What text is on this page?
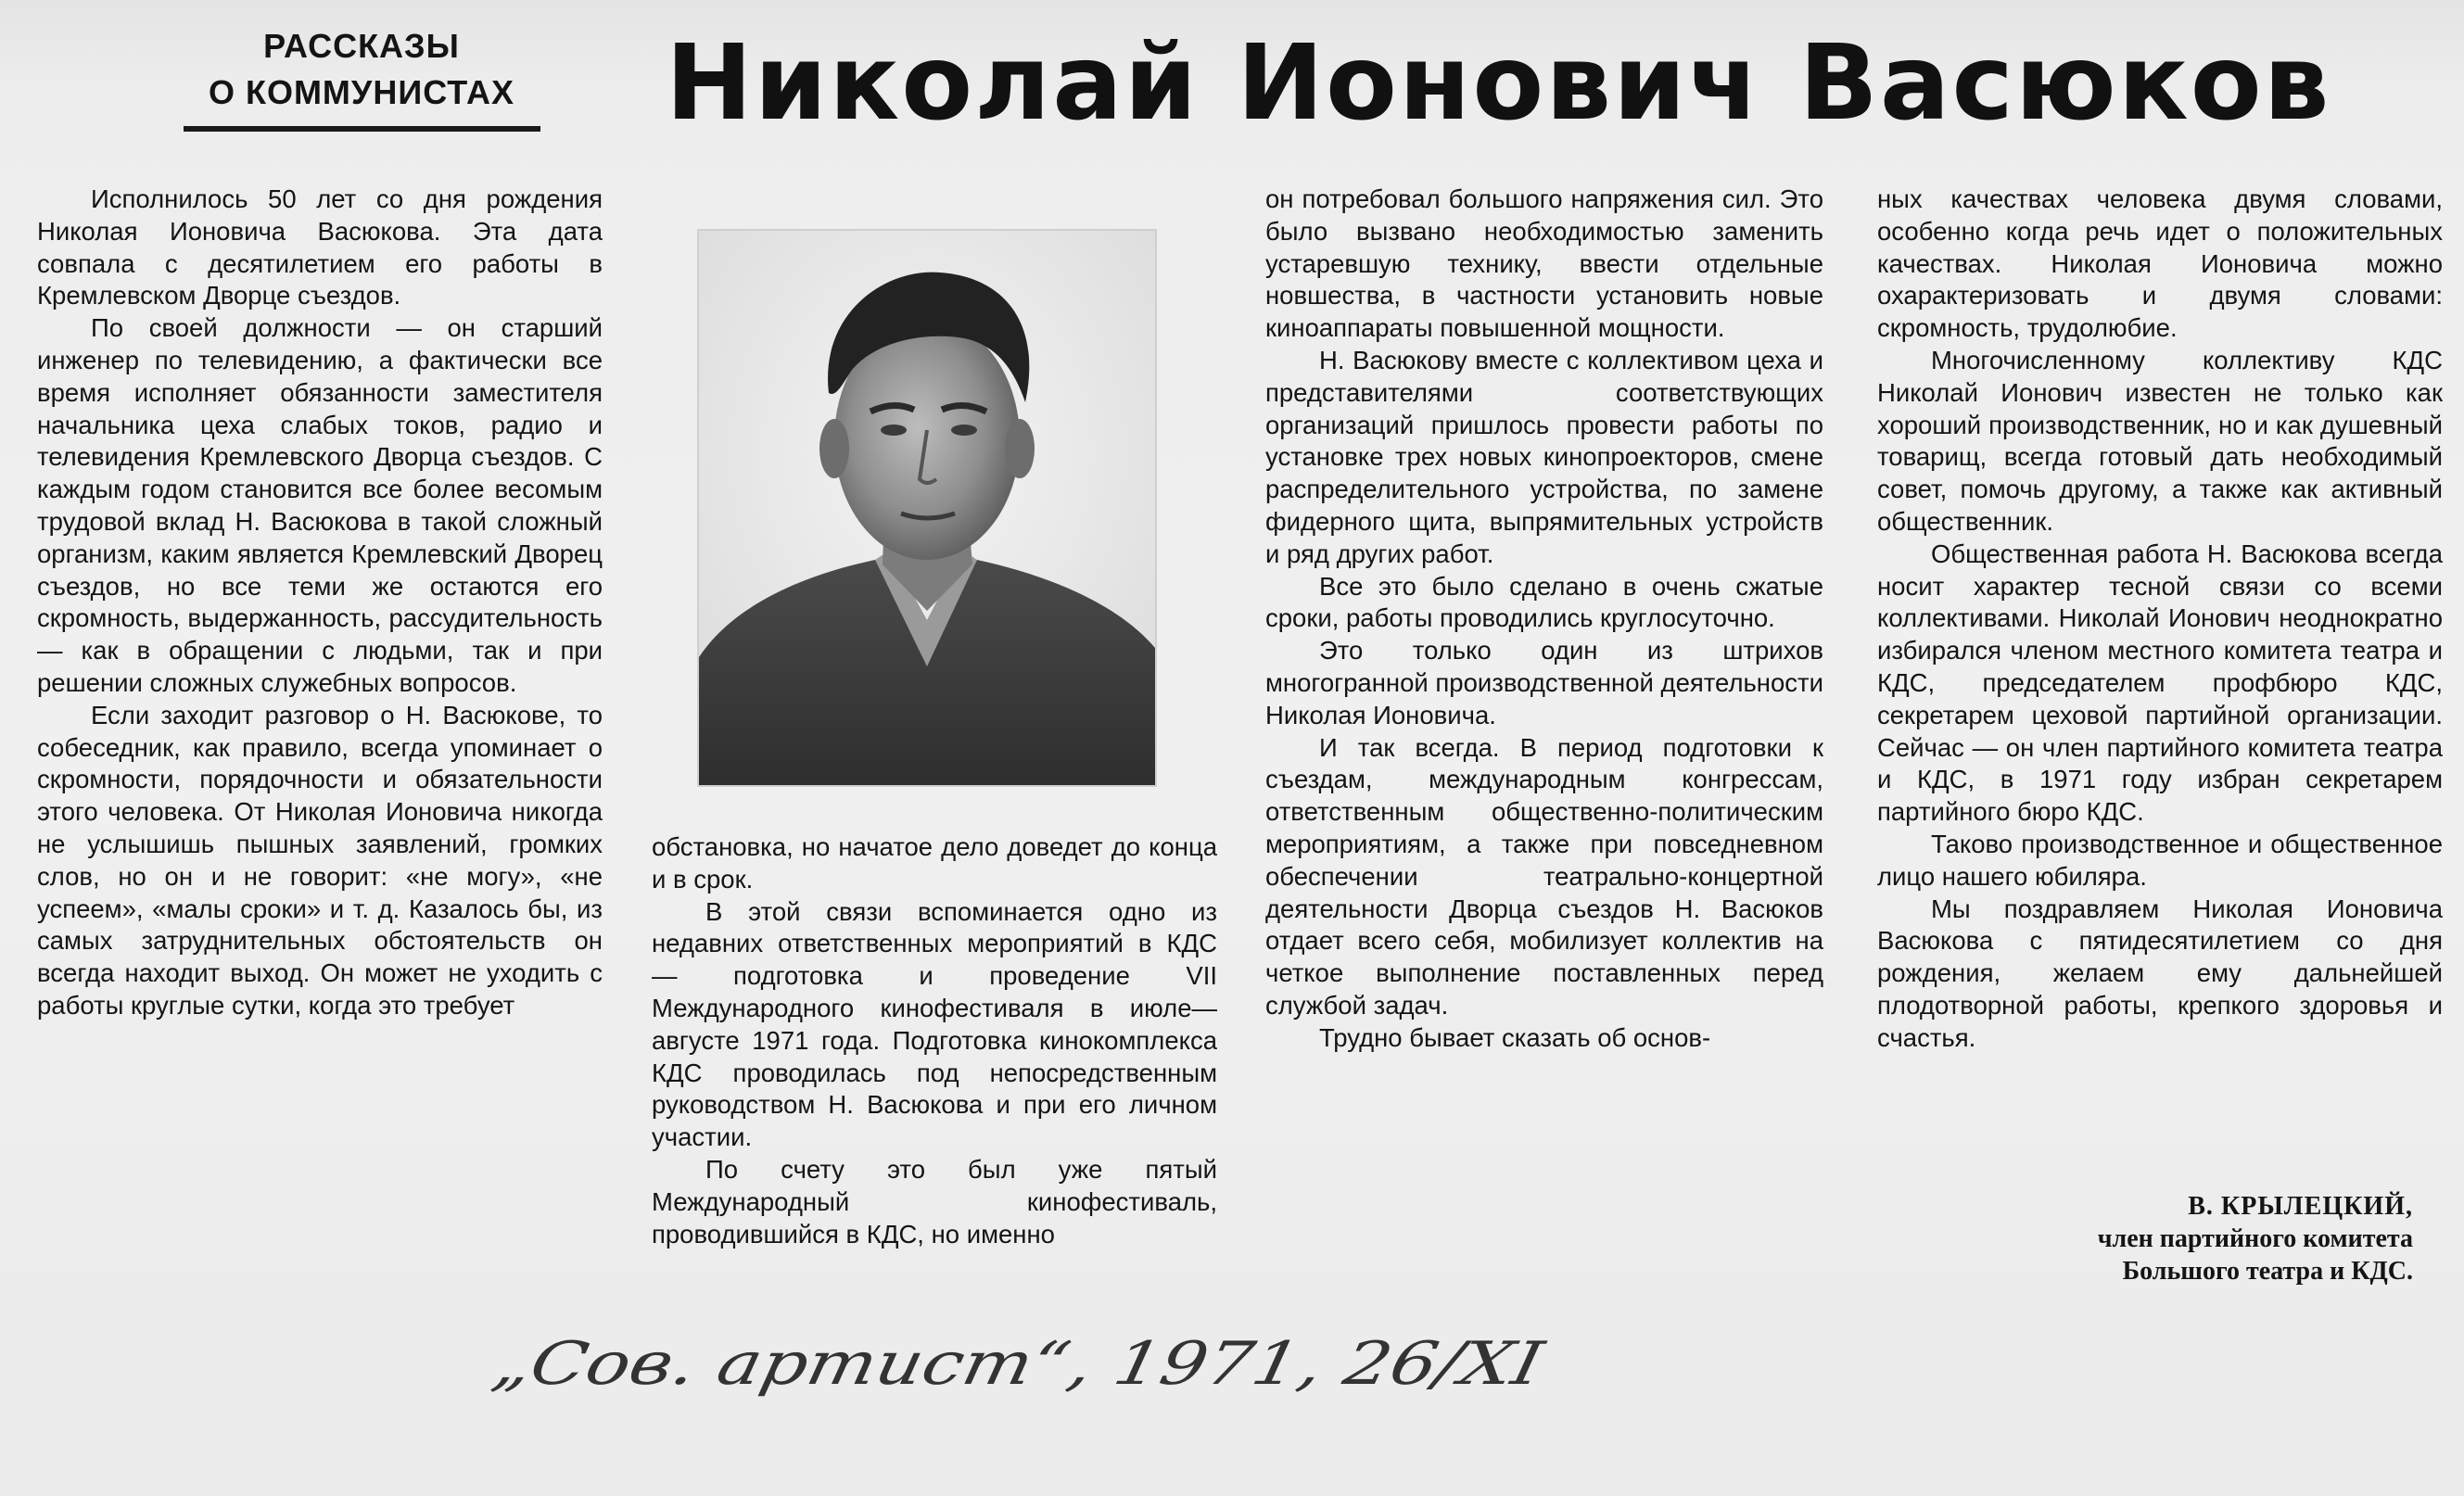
РАССКАЗЫ
О КОММУНИСТАХ	Николай Ионович Васюков

Исполнилось 50 лет со дня рождения Николая Ионовича Васюкова. Эта дата совпала с десятилетием его работы в Кремлевском Дворце съездов.

По своей должности — он старший инженер по телевидению, а фактически все время исполняет обязанности заместителя начальника цеха слабых токов, радио и телевидения Кремлевского Дворца съездов. С каждым годом становится все более весомым трудовой вклад Н. Васюкова в такой сложный организм, каким является Кремлевский Дворец съездов, но все теми же остаются его скромность, выдержанность, рассудительность — как в обращении с людьми, так и при решении сложных служебных вопросов.

Если заходит разговор о Н. Васюкове, то собеседник, как правило, всегда упоминает о скромности, порядочности и обязательности этого человека. От Николая Ионовича никогда не услышишь пышных заявлений, громких слов, но он и не говорит: «не могу», «не успеем», «малы сроки» и т. д. Казалось бы, из самых затруднительных обстоятельств он всегда находит выход. Он может не уходить с работы круглые сутки, когда это требует

обстановка, но начатое дело доведет до конца и в срок.

В этой связи вспоминается одно из недавних ответственных мероприятий в КДС — подготовка и проведение VII Международного кинофестиваля в июле—августе 1971 года. Подготовка кинокомплекса КДС проводилась под непосредственным руководством Н. Васюкова и при его личном участии.

По счету это был уже пятый Международный кинофестиваль, проводившийся в КДС, но именно

он потребовал большого напряжения сил. Это было вызвано необходимостью заменить устаревшую технику, ввести отдельные новшества, в частности установить новые киноаппараты повышенной мощности.

Н. Васюкову вместе с коллективом цеха и представителями соответствующих организаций пришлось провести работы по установке трех новых кинопроекторов, смене распределительного устройства, по замене фидерного щита, выпрямительных устройств и ряд других работ.

Все это было сделано в очень сжатые сроки, работы проводились круглосуточно.

Это только один из штрихов многогранной производственной деятельности Николая Ионовича.

И так всегда. В период подготовки к съездам, международным конгрессам, ответственным общественно-политическим мероприятиям, а также при повседневном обеспечении театрально-концертной деятельности Дворца съездов Н. Васюков отдает всего себя, мобилизует коллектив на четкое выполнение поставленных перед службой задач.

Трудно бывает сказать об основ-

ных качествах человека двумя словами, особенно когда речь идет о положительных качествах. Николая Ионовича можно охарактеризовать и двумя словами: скромность, трудолюбие.

Многочисленному коллективу КДС Николай Ионович известен не только как хороший производственник, но и как душевный товарищ, всегда готовый дать необходимый совет, помочь другому, а также как активный общественник.

Общественная работа Н. Васюкова всегда носит характер тесной связи со всеми коллективами. Николай Ионович неоднократно избирался членом местного комитета театра и КДС, председателем профбюро КДС, секретарем цеховой партийной организации. Сейчас — он член партийного комитета театра и КДС, в 1971 году избран секретарем партийного бюро КДС.

Таково производственное и общественное лицо нашего юбиляра.

Мы поздравляем Николая Ионовича Васюкова с пятидесятилетием со дня рождения, желаем ему дальнейшей плодотворной работы, крепкого здоровья и счастья.

В. КРЫЛЕЦКИЙ,
член партийного комитета
Большого театра и КДС.
„Сов. артист“, 1971, 26/XI
